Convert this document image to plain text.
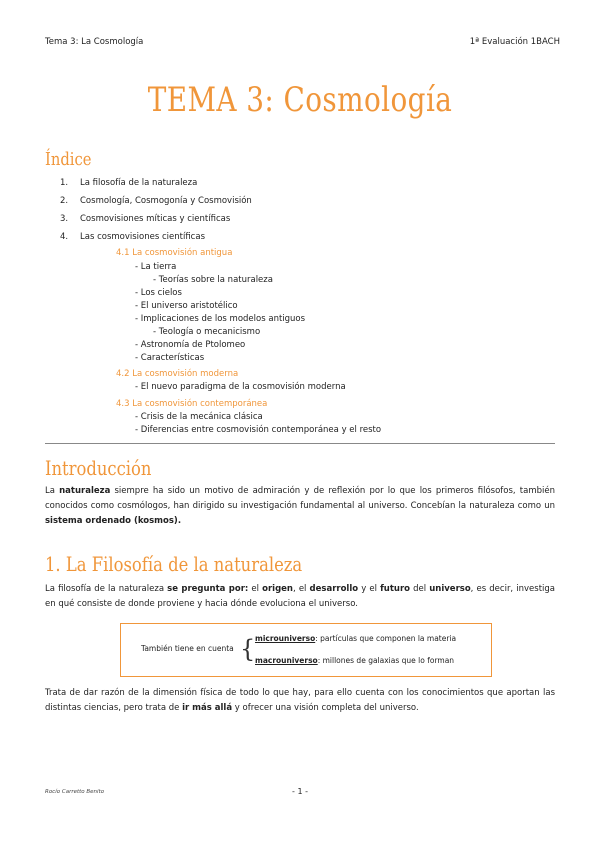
Tema 3: La Cosmología	1ª Evaluación 1BACH
TEMA 3: Cosmología
Índice
1.	La filosofía de la naturaleza
2.	Cosmología, Cosmogonía y Cosmovisión
3.	Cosmovisiones míticas y científicas
4.	Las cosmovisiones científicas
4.1 La cosmovisión antigua
- La tierra
- Teorías sobre la naturaleza
- Los cielos
- El universo aristotélico
- Implicaciones de los modelos antiguos
- Teología o mecanicismo
- Astronomía de Ptolomeo
- Características
4.2 La cosmovisión moderna
- El nuevo paradigma de la cosmovisión moderna
4.3 La cosmovisión contemporánea
- Crisis de la mecánica clásica
- Diferencias entre cosmovisión contemporánea y el resto
Introducción
La naturaleza siempre ha sido un motivo de admiración y de reflexión por lo que los primeros filósofos, también conocidos como cosmólogos, han dirigido su investigación fundamental al universo. Concebían la naturaleza como un sistema ordenado (kosmos).
1. La Filosofía de la naturaleza
La filosofía de la naturaleza se pregunta por: el origen, el desarrollo y el futuro del universo, es decir, investiga en qué consiste de donde proviene y hacia dónde evoluciona el universo.
También tiene en cuenta { microuniverso: partículas que componen la materia
macrouniverso: millones de galaxias que lo forman
Trata de dar razón de la dimensión física de todo lo que hay, para ello cuenta con los conocimientos que aportan las distintas ciencias, pero trata de ir más allá y ofrecer una visión completa del universo.
Rocío Carretto Benito	- 1 -
